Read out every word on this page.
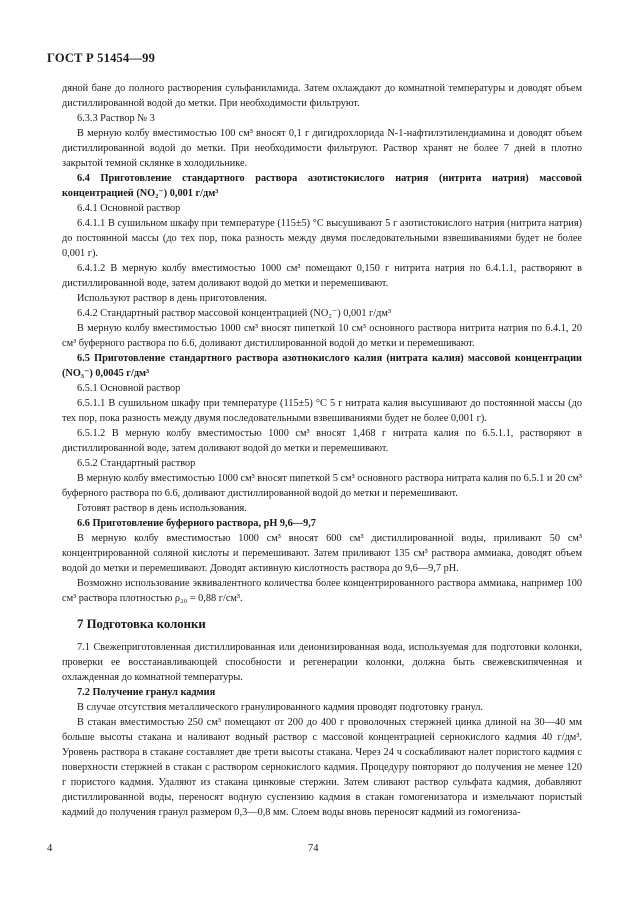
ГОСТ Р 51454—99

дяной бане до полного растворения сульфаниламида. Затем охлаждают до комнатной температуры и доводят объем дистиллированной водой до метки. При необходимости фильтруют.

6.3.3 Раствор № 3

В мерную колбу вместимостью 100 см³ вносят 0,1 г дигидрохлорида N-1-нафтилэтилендиамина и доводят объем дистиллированной водой до метки. При необходимости фильтруют. Раствор хранят не более 7 дней в плотно закрытой темной склянке в холодильнике.

6.4 Приготовление стандартного раствора азотистокислого натрия (нитрита натрия) массовой концентрацией (NO₂⁻) 0,001 г/дм³

6.4.1 Основной раствор

6.4.1.1 В сушильном шкафу при температуре (115±5) °С высушивают 5 г азотистокислого натрия (нитрита натрия) до постоянной массы (до тех пор, пока разность между двумя последовательными взвешиваниями будет не более 0,001 г).

6.4.1.2 В мерную колбу вместимостью 1000 см³ помещают 0,150 г нитрита натрия по 6.4.1.1, растворяют в дистиллированной воде, затем доливают водой до метки и перемешивают.

Используют раствор в день приготовления.

6.4.2 Стандартный раствор массовой концентрацией (NO₂⁻) 0,001 г/дм³

В мерную колбу вместимостью 1000 см³ вносят пипеткой 10 см³ основного раствора нитрита натрия по 6.4.1, 20 см³ буферного раствора по 6.6, доливают дистиллированной водой до метки и перемешивают.

6.5 Приготовление стандартного раствора азотнокислого калия (нитрата калия) массовой концентрации (NO₃⁻) 0,0045 г/дм³

6.5.1 Основной раствор

6.5.1.1 В сушильном шкафу при температуре (115±5) °С 5 г нитрата калия высушивают до постоянной массы (до тех пор, пока разность между двумя последовательными взвешиваниями будет не более 0,001 г).

6.5.1.2 В мерную колбу вместимостью 1000 см³ вносят 1,468 г нитрата калия по 6.5.1.1, растворяют в дистиллированной воде, затем доливают водой до метки и перемешивают.

6.5.2 Стандартный раствор

В мерную колбу вместимостью 1000 см³ вносят пипеткой 5 см³ основного раствора нитрата калия по 6.5.1 и 20 см³ буферного раствора по 6.6, доливают дистиллированной водой до метки и перемешивают.

Готовят раствор в день использования.

6.6 Приготовление буферного раствора, pH 9,6—9,7

В мерную колбу вместимостью 1000 см³ вносят 600 см³ дистиллированной воды, приливают 50 см³ концентрированной соляной кислоты и перемешивают. Затем приливают 135 см³ раствора аммиака, доводят объем водой до метки и перемешивают. Доводят активную кислотность раствора до 9,6—9,7 pH.

Возможно использование эквивалентного количества более концентрированного раствора аммиака, например 100 см³ раствора плотностью ρ₂₀ = 0,88 г/см³.

7 Подготовка колонки

7.1 Свежеприготовленная дистиллированная или деионизированная вода, используемая для подготовки колонки, проверки ее восстанавливающей способности и регенерации колонки, должна быть свежевскипяченная и охлажденная до комнатной температуры.

7.2 Получение гранул кадмия

В случае отсутствия металлического гранулированного кадмия проводят подготовку гранул.

В стакан вместимостью 250 см³ помещают от 200 до 400 г проволочных стержней цинка длиной на 30—40 мм больше высоты стакана и наливают водный раствор с массовой концентрацией сернокислого кадмия 40 г/дм³. Уровень раствора в стакане составляет две трети высоты стакана. Через 24 ч соскабливают налет пористого кадмия с поверхности стержней в стакан с раствором сернокислого кадмия. Процедуру повторяют до получения не менее 120 г пористого кадмия. Удаляют из стакана цинковые стержни. Затем сливают раствор сульфата кадмия, добавляют дистиллированной воды, переносят водную суспензию кадмия в стакан гомогенизатора и измельчают пористый кадмий до получения гранул размером 0,3—0,8 мм. Слоем воды вновь переносят кадмий из гомогениза-

4	74
